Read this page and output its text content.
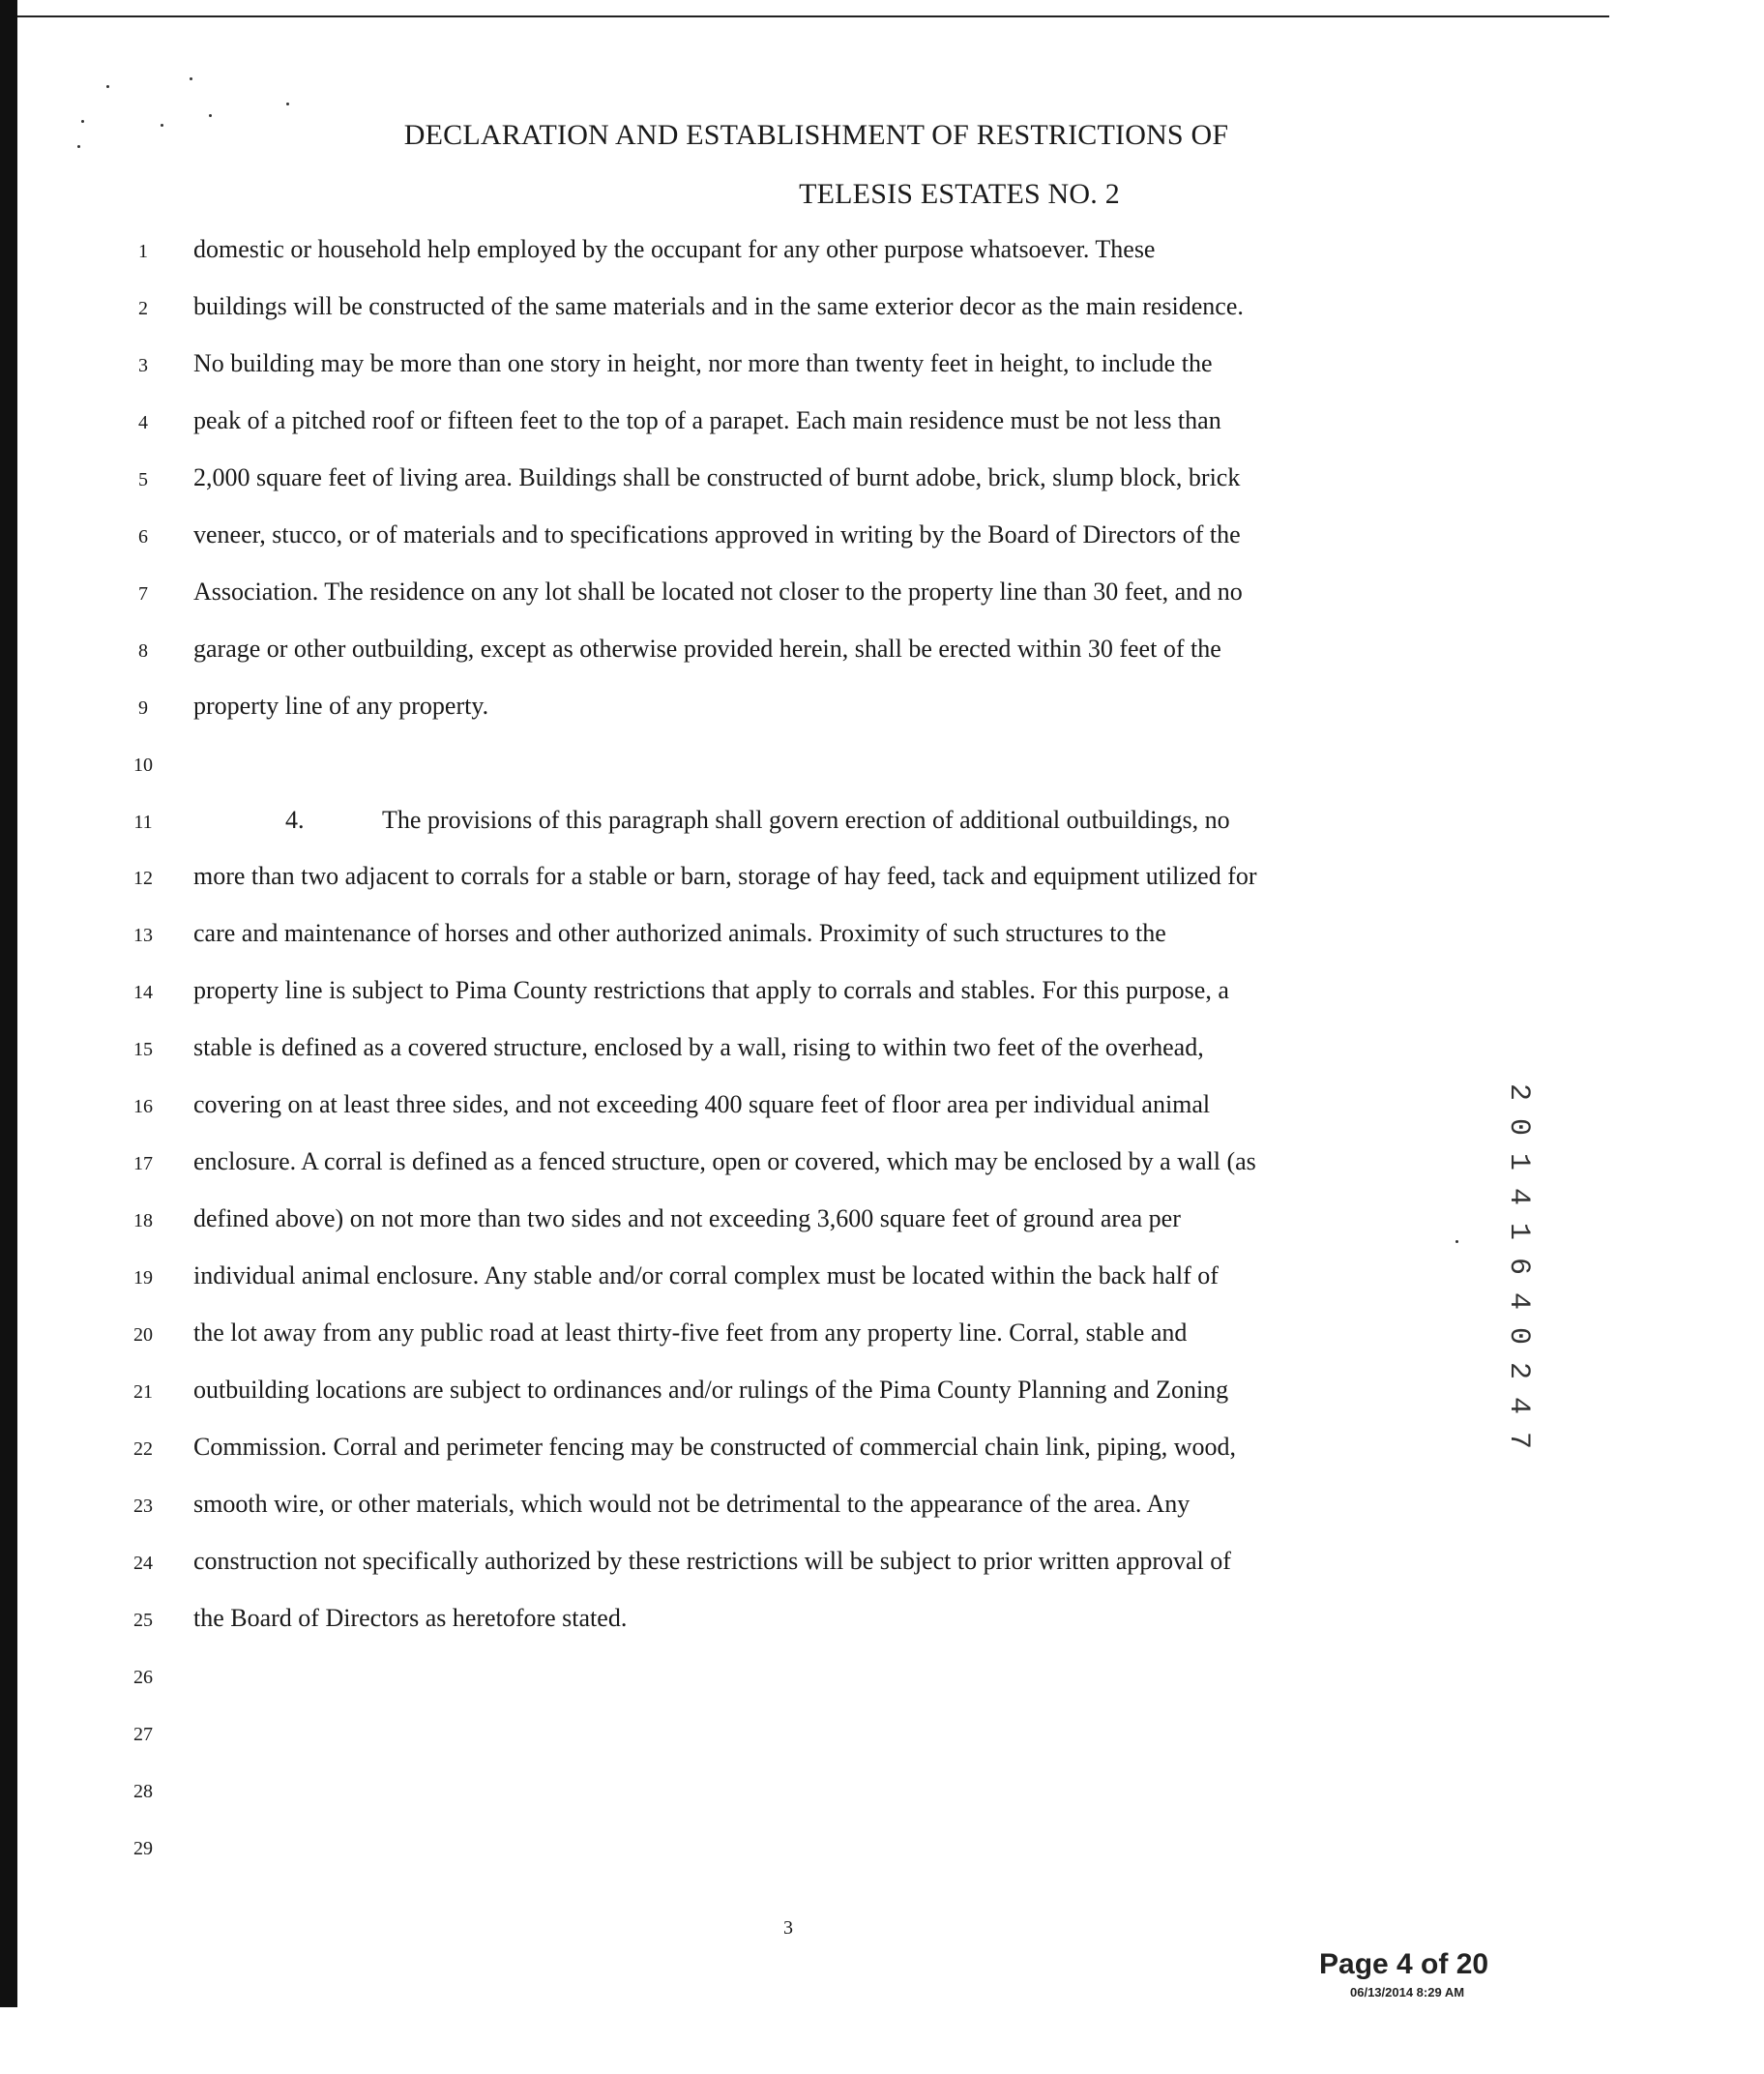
DECLARATION AND ESTABLISHMENT OF RESTRICTIONS OF
TELESIS ESTATES NO. 2
1	domestic or household help employed by the occupant for any other purpose whatsoever. These
2	buildings will be constructed of the same materials and in the same exterior decor as the main residence.
3	No building may be more than one story in height, nor more than twenty feet in height, to include the
4	peak of a pitched roof or fifteen feet to the top of a parapet. Each main residence must be not less than
5	2,000 square feet of living area. Buildings shall be constructed of burnt adobe, brick, slump block, brick
6	veneer, stucco, or of materials and to specifications approved in writing by the Board of Directors of the
7	Association. The residence on any lot shall be located not closer to the property line than 30 feet, and no
8	garage or other outbuilding, except as otherwise provided herein, shall be erected within 30 feet of the
9	property line of any property.
10
11	4.	The provisions of this paragraph shall govern erection of additional outbuildings, no
12	more than two adjacent to corrals for a stable or barn, storage of hay feed, tack and equipment utilized for
13	care and maintenance of horses and other authorized animals. Proximity of such structures to the
14	property line is subject to Pima County restrictions that apply to corrals and stables. For this purpose, a
15	stable is defined as a covered structure, enclosed by a wall, rising to within two feet of the overhead,
16	covering on at least three sides, and not exceeding 400 square feet of floor area per individual animal
17	enclosure. A corral is defined as a fenced structure, open or covered, which may be enclosed by a wall (as
18	defined above) on not more than two sides and not exceeding 3,600 square feet of ground area per
19	individual animal enclosure. Any stable and/or corral complex must be located within the back half of
20	the lot away from any public road at least thirty-five feet from any property line. Corral, stable and
21	outbuilding locations are subject to ordinances and/or rulings of the Pima County Planning and Zoning
22	Commission. Corral and perimeter fencing may be constructed of commercial chain link, piping, wood,
23	smooth wire, or other materials, which would not be detrimental to the appearance of the area. Any
24	construction not specifically authorized by these restrictions will be subject to prior written approval of
25	the Board of Directors as heretofore stated.
26
27
28
29
3
Page 4 of 20
06/13/2014 8:29 AM
20141640247
